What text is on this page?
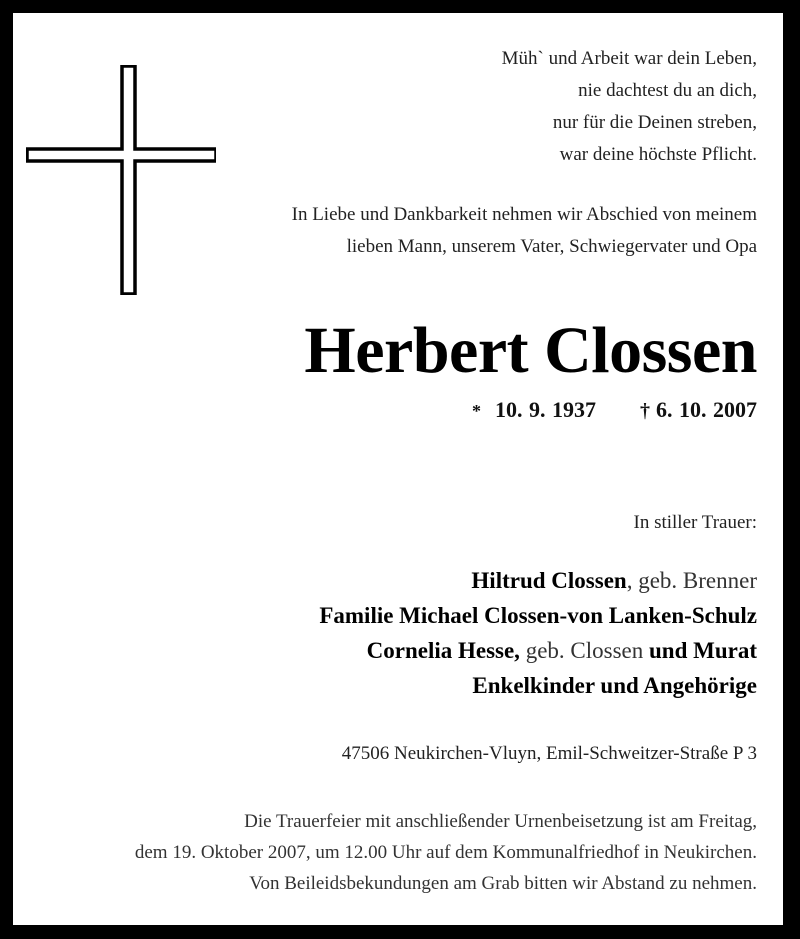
Müh` und Arbeit war dein Leben,
nie dachtest du an dich,
nur für die Deinen streben,
war deine höchste Pflicht.
In Liebe und Dankbarkeit nehmen wir Abschied von meinem
lieben Mann, unserem Vater, Schwiegervater und Opa
Herbert Clossen
* 10. 9. 1937 † 6. 10. 2007
In stiller Trauer:
Hiltrud Clossen, geb. Brenner
Familie Michael Clossen-von Lanken-Schulz
Cornelia Hesse, geb. Clossen und Murat
Enkelkinder und Angehörige
47506 Neukirchen-Vluyn, Emil-Schweitzer-Straße P 3
Die Trauerfeier mit anschließender Urnenbeisetzung ist am Freitag,
dem 19. Oktober 2007, um 12.00 Uhr auf dem Kommunalfriedhof in Neukirchen.
Von Beileidsbekundungen am Grab bitten wir Abstand zu nehmen.
